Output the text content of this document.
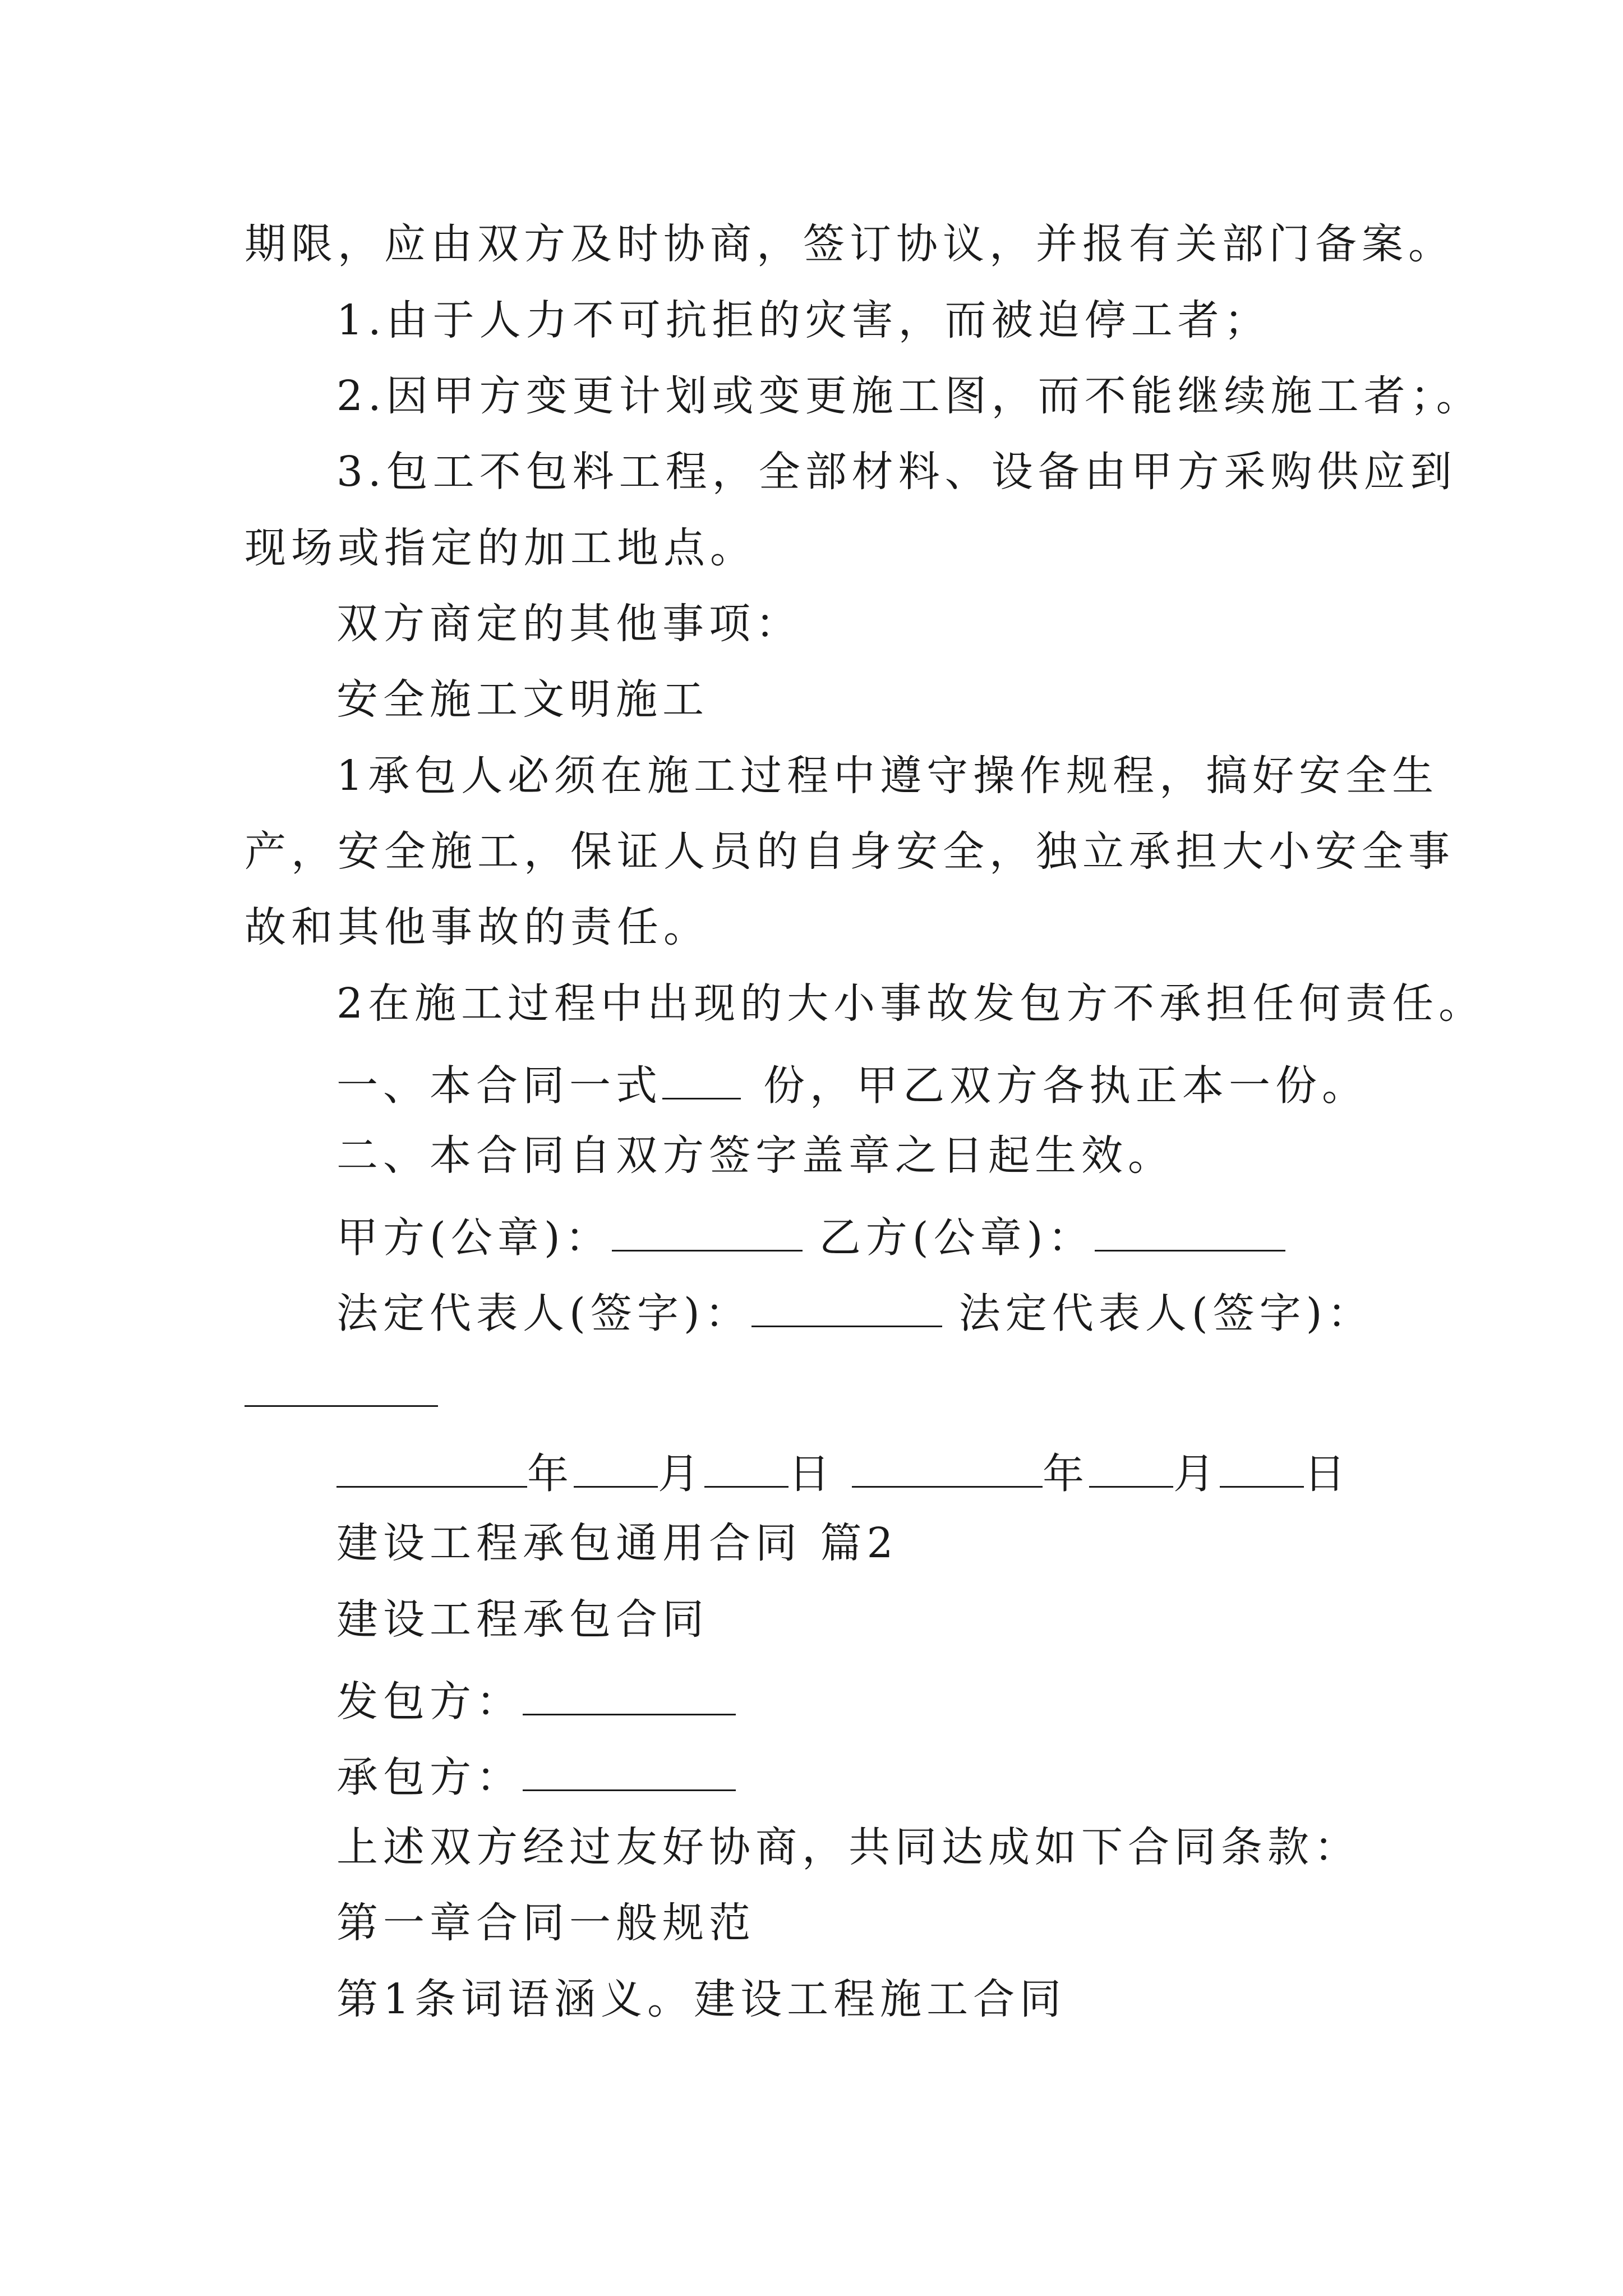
期限，应由双方及时协商，签订协议，并报有关部门备案。
1.由于人力不可抗拒的灾害，而被迫停工者；
2.因甲方变更计划或变更施工图，而不能继续施工者；。
3.包工不包料工程，全部材料、设备由甲方采购供应到
现场或指定的加工地点。
双方商定的其他事项：
安全施工文明施工
1承包人必须在施工过程中遵守操作规程，搞好安全生
产，安全施工，保证人员的自身安全，独立承担大小安全事
故和其他事故的责任。
2在施工过程中出现的大小事故发包方不承担任何责任。
一、本合同一式 份，甲乙双方各执正本一份。
二、本合同自双方签字盖章之日起生效。
甲方(公章)：	乙方(公章)：
法定代表人(签字)：	法定代表人(签字)：
年 月 日	年 月 日
建设工程承包通用合同 篇2
建设工程承包合同
发包方：
承包方：
上述双方经过友好协商，共同达成如下合同条款：
第一章合同一般规范
第1条词语涵义。建设工程施工合同
